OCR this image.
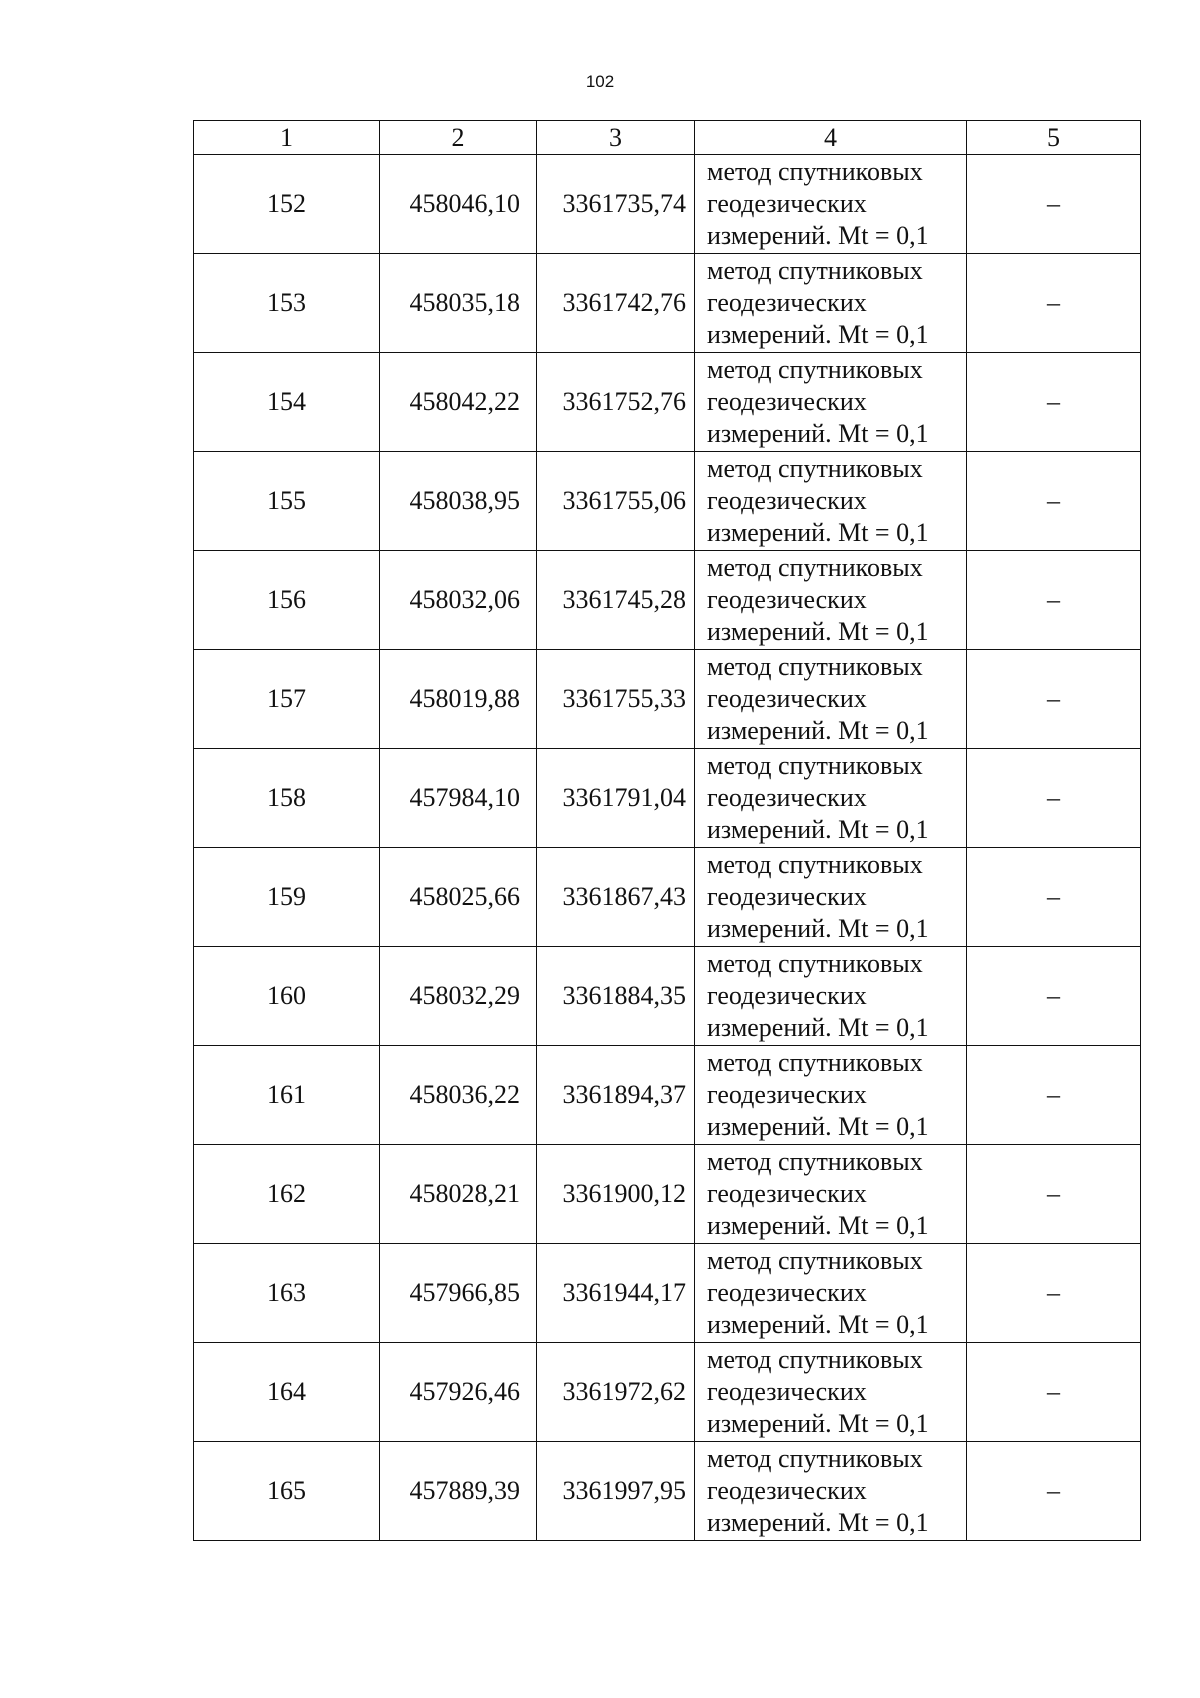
102
1	2	3	4	5
152	458046,10	3361735,74	метод спутниковых геодезических измерений. Mt = 0,1	–
153	458035,18	3361742,76	метод спутниковых геодезических измерений. Mt = 0,1	–
154	458042,22	3361752,76	метод спутниковых геодезических измерений. Mt = 0,1	–
155	458038,95	3361755,06	метод спутниковых геодезических измерений. Mt = 0,1	–
156	458032,06	3361745,28	метод спутниковых геодезических измерений. Mt = 0,1	–
157	458019,88	3361755,33	метод спутниковых геодезических измерений. Mt = 0,1	–
158	457984,10	3361791,04	метод спутниковых геодезических измерений. Mt = 0,1	–
159	458025,66	3361867,43	метод спутниковых геодезических измерений. Mt = 0,1	–
160	458032,29	3361884,35	метод спутниковых геодезических измерений. Mt = 0,1	–
161	458036,22	3361894,37	метод спутниковых геодезических измерений. Mt = 0,1	–
162	458028,21	3361900,12	метод спутниковых геодезических измерений. Mt = 0,1	–
163	457966,85	3361944,17	метод спутниковых геодезических измерений. Mt = 0,1	–
164	457926,46	3361972,62	метод спутниковых геодезических измерений. Mt = 0,1	–
165	457889,39	3361997,95	метод спутниковых геодезических измерений. Mt = 0,1	–
